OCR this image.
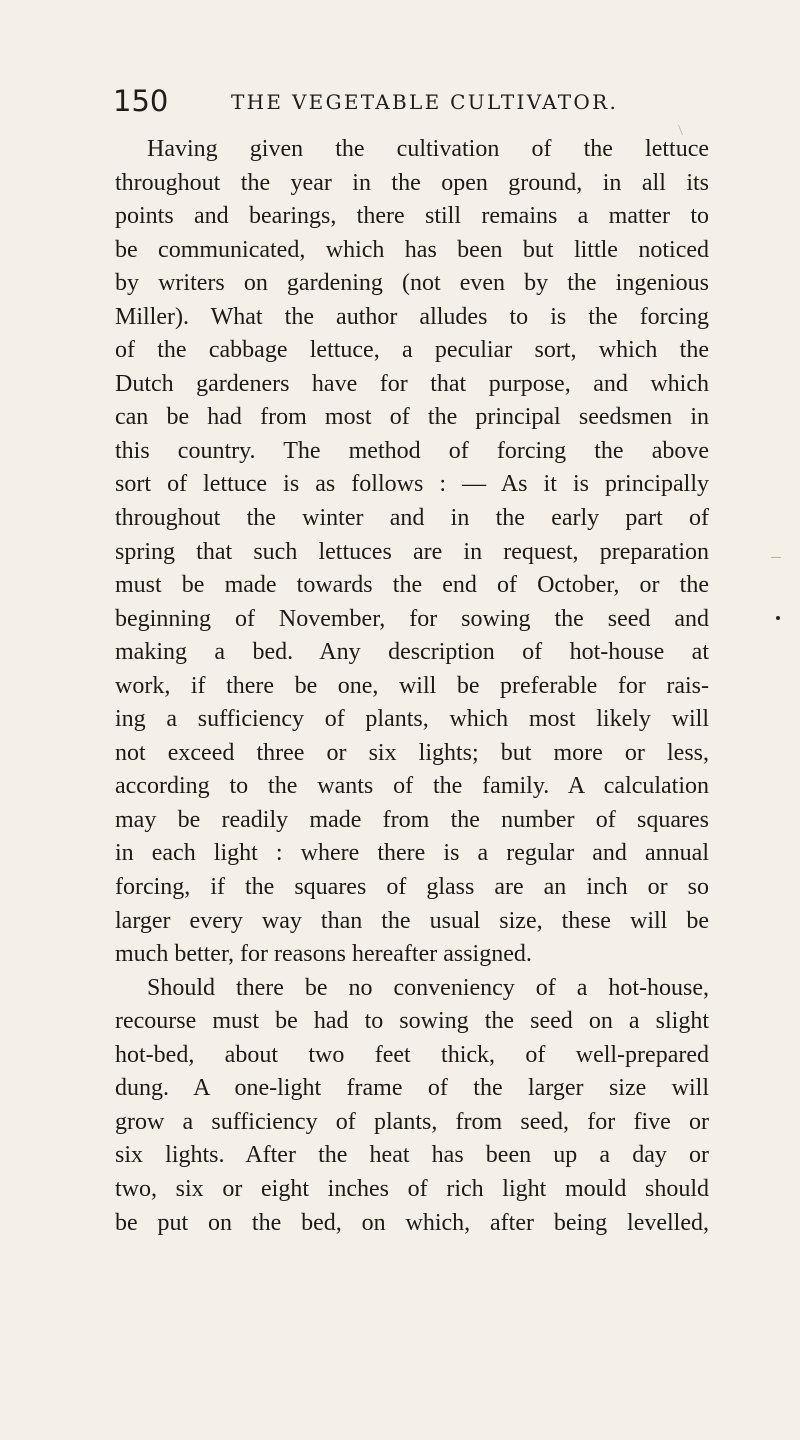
150	THE VEGETABLE CULTIVATOR.
Having given the cultivation of the lettuce
throughout the year in the open ground, in all its
points and bearings, there still remains a matter to
be communicated, which has been but little noticed
by writers on gardening (not even by the ingenious
Miller). What the author alludes to is the forcing
of the cabbage lettuce, a peculiar sort, which the
Dutch gardeners have for that purpose, and which
can be had from most of the principal seedsmen in
this country. The method of forcing the above
sort of lettuce is as follows : — As it is principally
throughout the winter and in the early part of
spring that such lettuces are in request, preparation
must be made towards the end of October, or the
beginning of November, for sowing the seed and
making a bed. Any description of hot-house at
work, if there be one, will be preferable for rais-
ing a sufficiency of plants, which most likely will
not exceed three or six lights; but more or less,
according to the wants of the family. A calculation
may be readily made from the number of squares
in each light : where there is a regular and annual
forcing, if the squares of glass are an inch or so
larger every way than the usual size, these will be
much better, for reasons hereafter assigned.
Should there be no conveniency of a hot-house,
recourse must be had to sowing the seed on a slight
hot-bed, about two feet thick, of well-prepared
dung. A one-light frame of the larger size will
grow a sufficiency of plants, from seed, for five or
six lights. After the heat has been up a day or
two, six or eight inches of rich light mould should
be put on the bed, on which, after being levelled,
